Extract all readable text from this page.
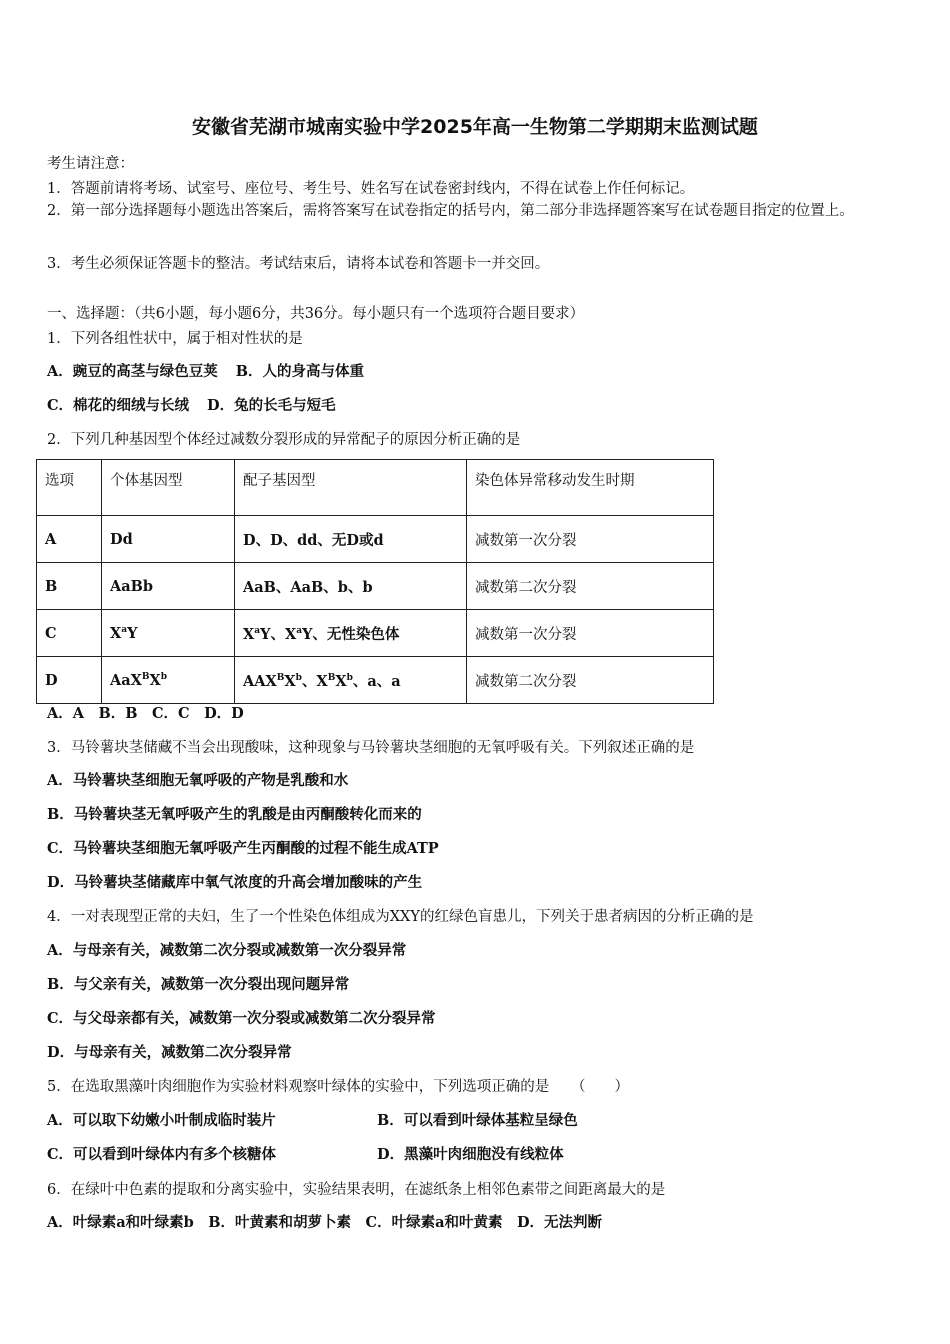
安徽省芜湖市城南实验中学2025年高一生物第二学期期末监测试题
考生请注意：
1．答题前请将考场、试室号、座位号、考生号、姓名写在试卷密封线内，不得在试卷上作任何标记。
2．第一部分选择题每小题选出答案后，需将答案写在试卷指定的括号内，第二部分非选择题答案写在试卷题目指定的位置上。
3．考生必须保证答题卡的整洁。考试结束后，请将本试卷和答题卡一并交回。
一、选择题：（共6小题，每小题6分，共36分。每小题只有一个选项符合题目要求）
1．下列各组性状中，属于相对性状的是
A．豌豆的高茎与绿色豆荚 B．人的身高与体重
C．棉花的细绒与长绒 D．兔的长毛与短毛
2．下列几种基因型个体经过减数分裂形成的异常配子的原因分析正确的是
选项	个体基因型	配子基因型	染色体异常移动发生时期
A	Dd	D、D、dd、无D或d	减数第一次分裂
B	AaBb	AaB、AaB、b、b	减数第二次分裂
C	$X^aY$	$X^aY$、$X^aY$、无性染色体	减数第一次分裂
D	$AaX^BX^b$	$AAX^BX^b$、$X^BX^b$、a、a	减数第二次分裂
A．A　B．B　C．C　D．D
3．马铃薯块茎储藏不当会出现酸味，这种现象与马铃薯块茎细胞的无氧呼吸有关。下列叙述正确的是
A．马铃薯块茎细胞无氧呼吸的产物是乳酸和水
B．马铃薯块茎无氧呼吸产生的乳酸是由丙酮酸转化而来的
C．马铃薯块茎细胞无氧呼吸产生丙酮酸的过程不能生成ATP
D．马铃薯块茎储藏库中氧气浓度的升高会增加酸味的产生
4．一对表现型正常的夫妇，生了一个性染色体组成为XXY的红绿色盲患儿，下列关于患者病因的分析正确的是
A．与母亲有关，减数第二次分裂或减数第一次分裂异常
B．与父亲有关，减数第一次分裂出现问题异常
C．与父母亲都有关，减数第一次分裂或减数第二次分裂异常
D．与母亲有关，减数第二次分裂异常
5．在选取黑藻叶肉细胞作为实验材料观察叶绿体的实验中，下列选项正确的是　　（　　）
A．可以取下幼嫩小叶制成临时装片	B．可以看到叶绿体基粒呈绿色
C．可以看到叶绿体内有多个核糖体	D．黑藻叶肉细胞没有线粒体
6．在绿叶中色素的提取和分离实验中，实验结果表明，在滤纸条上相邻色素带之间距离最大的是
A．叶绿素a和叶绿素b　B．叶黄素和胡萝卜素　C．叶绿素a和叶黄素　D．无法判断
